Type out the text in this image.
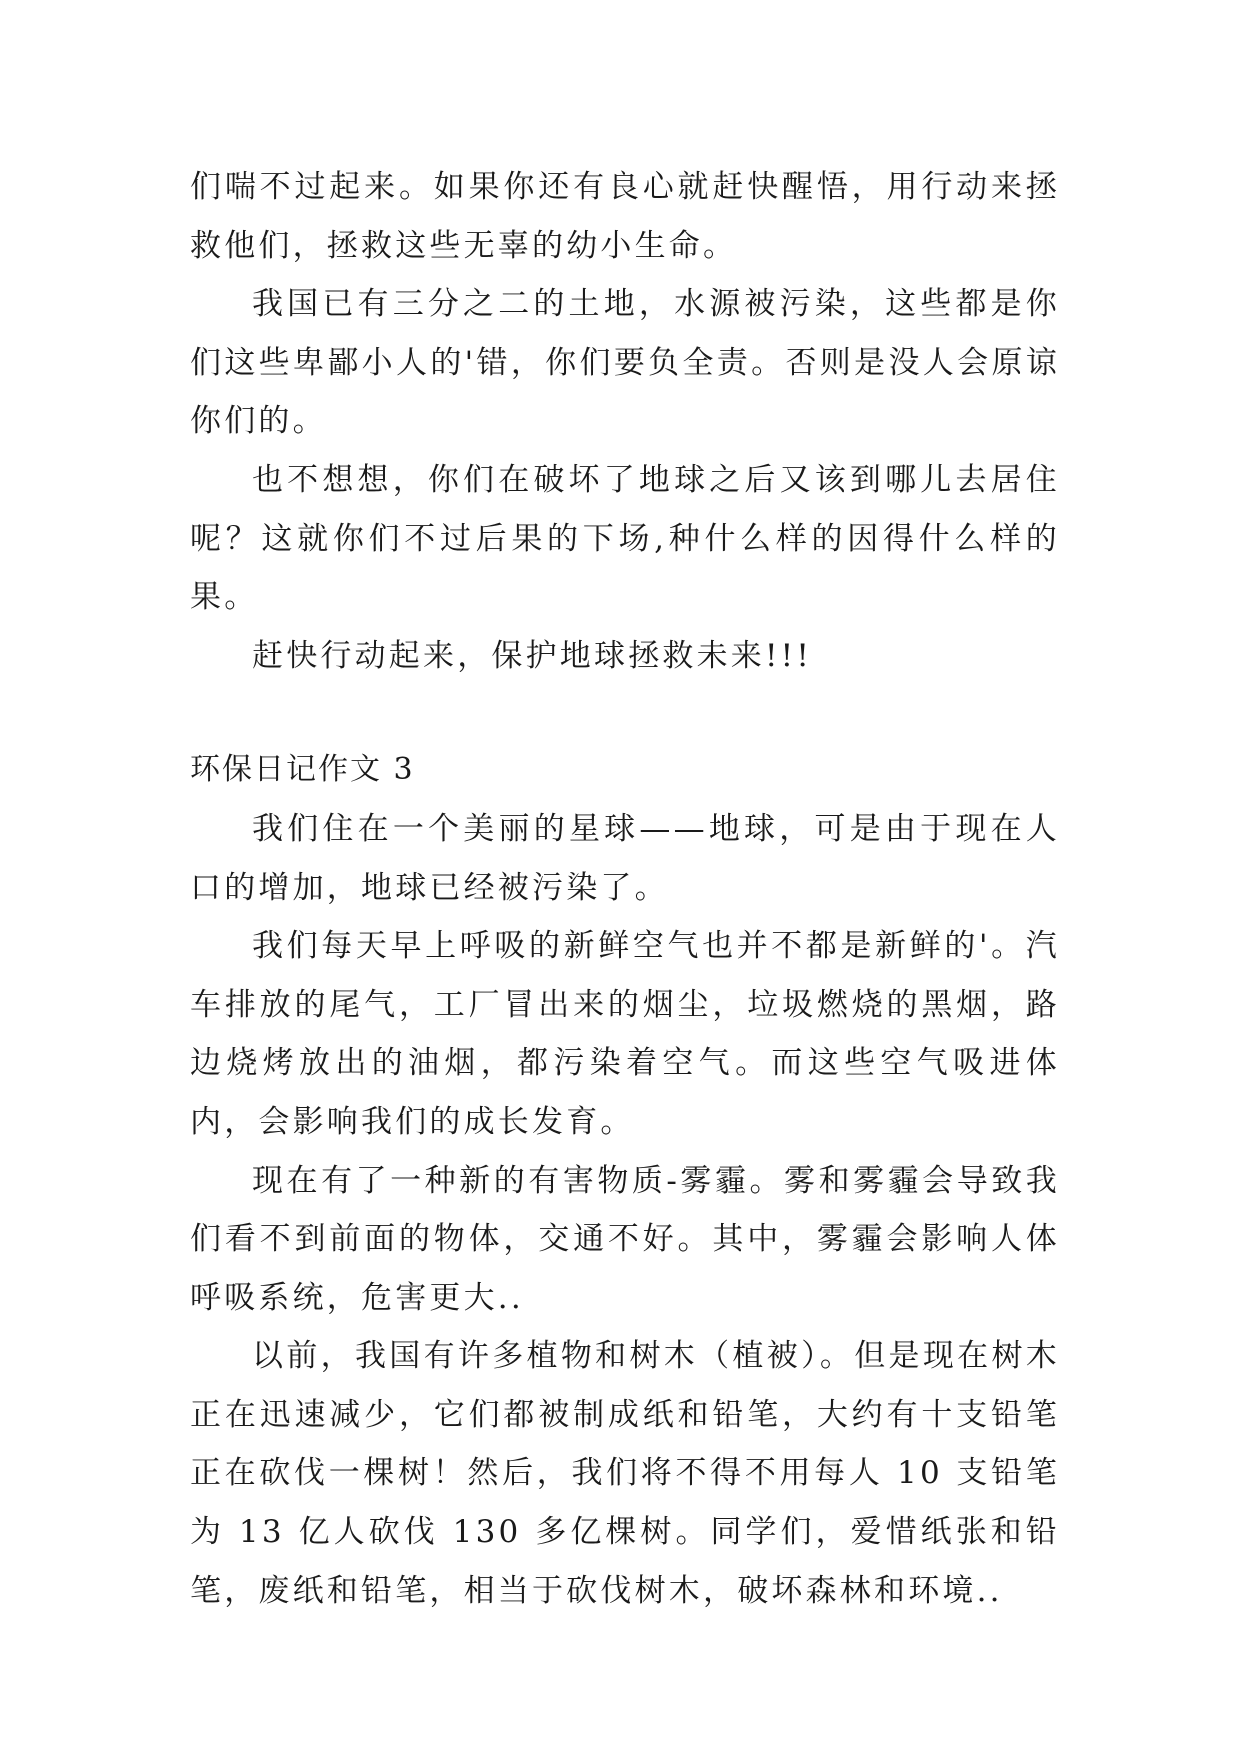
们喘不过起来。如果你还有良心就赶快醒悟，用行动来拯救他们，拯救这些无辜的幼小生命。

我国已有三分之二的土地，水源被污染，这些都是你们这些卑鄙小人的'错，你们要负全责。否则是没人会原谅你们的。

也不想想，你们在破坏了地球之后又该到哪儿去居住呢？这就你们不过后果的下场,种什么样的因得什么样的果。

赶快行动起来，保护地球拯救未来!!!

环保日记作文 3

我们住在一个美丽的星球——地球，可是由于现在人口的增加，地球已经被污染了。

我们每天早上呼吸的新鲜空气也并不都是新鲜的'。汽车排放的尾气，工厂冒出来的烟尘，垃圾燃烧的黑烟，路边烧烤放出的油烟，都污染着空气。而这些空气吸进体内，会影响我们的成长发育。

现在有了一种新的有害物质-雾霾。雾和雾霾会导致我们看不到前面的物体，交通不好。其中，雾霾会影响人体呼吸系统，危害更大..

以前，我国有许多植物和树木（植被）。但是现在树木正在迅速减少，它们都被制成纸和铅笔，大约有十支铅笔正在砍伐一棵树！然后，我们将不得不用每人 10 支铅笔为 13 亿人砍伐 130 多亿棵树。同学们，爱惜纸张和铅笔，废纸和铅笔，相当于砍伐树木，破坏森林和环境..
